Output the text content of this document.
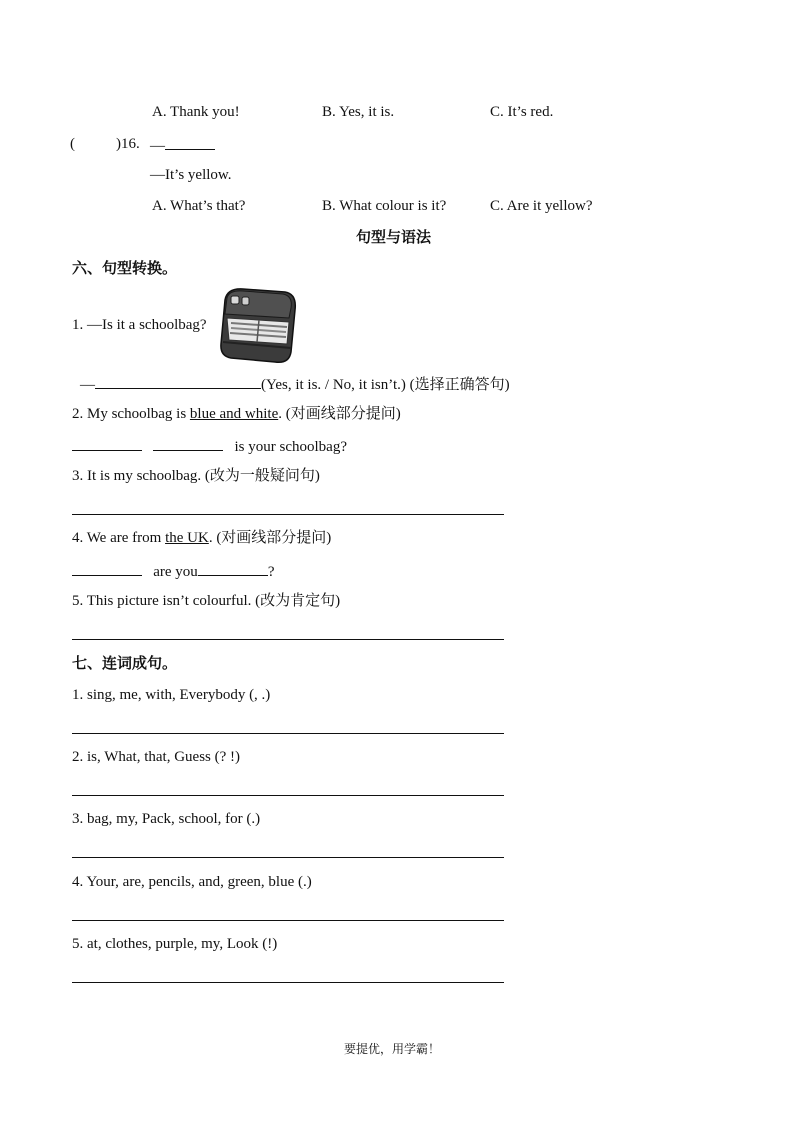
A. Thank you!	B. Yes, it is.	C. It’s red.
(	)16. —
—It’s yellow.
A. What’s that?	B. What colour is it?	C. Are it yellow?
句型与语法
六、句型转换。
1. —Is it a schoolbag?
—	(Yes, it is. / No, it isn’t.) (选择正确答句)
2. My schoolbag is blue and white. (对画线部分提问)
is your schoolbag?
3. It is my schoolbag. (改为一般疑问句)
4. We are from the UK. (对画线部分提问)
are you	?
5. This picture isn’t colourful. (改为肯定句)
七、连词成句。
1. sing, me, with, Everybody (, .)
2. is, What, that, Guess (? !)
3. bag, my, Pack, school, for (.)
4. Your, are, pencils, and, green, blue (.)
5. at, clothes, purple, my, Look (!)
要提优，用学霸！
